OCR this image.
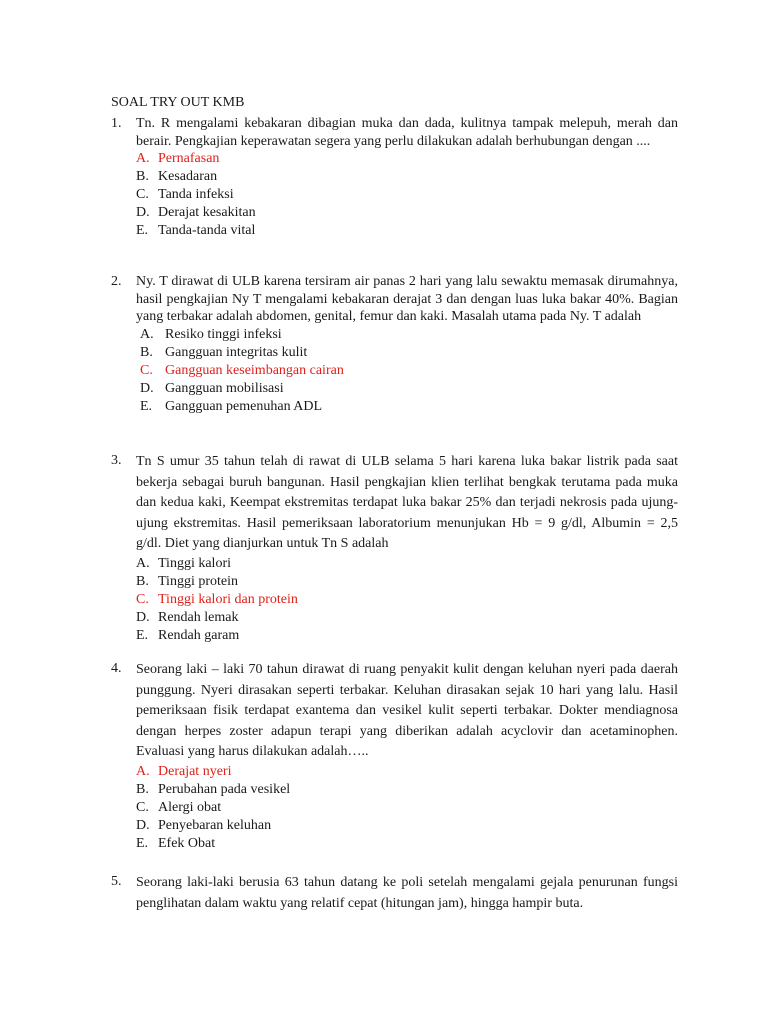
SOAL TRY OUT KMB
1. Tn. R mengalami kebakaran dibagian muka dan dada, kulitnya tampak melepuh, merah dan berair. Pengkajian keperawatan segera yang perlu dilakukan adalah berhubungan dengan ....
A. Pernafasan
B. Kesadaran
C. Tanda infeksi
D. Derajat kesakitan
E. Tanda-tanda vital
2. Ny. T dirawat di ULB karena tersiram air panas 2 hari yang lalu sewaktu memasak dirumahnya, hasil pengkajian Ny T mengalami kebakaran derajat 3 dan dengan luas luka bakar 40%. Bagian yang terbakar adalah abdomen, genital, femur dan kaki. Masalah utama pada Ny. T adalah
A. Resiko tinggi infeksi
B. Gangguan integritas kulit
C. Gangguan keseimbangan cairan
D. Gangguan mobilisasi
E. Gangguan pemenuhan ADL
3. Tn S umur 35 tahun telah di rawat di ULB selama 5 hari karena luka bakar listrik pada saat bekerja sebagai buruh bangunan. Hasil pengkajian klien terlihat bengkak terutama pada muka dan kedua kaki, Keempat ekstremitas terdapat luka bakar 25% dan terjadi nekrosis pada ujung-ujung ekstremitas. Hasil pemeriksaan laboratorium menunjukan Hb = 9 g/dl, Albumin = 2,5 g/dl. Diet yang dianjurkan untuk Tn S adalah
A. Tinggi kalori
B. Tinggi protein
C. Tinggi kalori dan protein
D. Rendah lemak
E. Rendah garam
4. Seorang laki – laki 70 tahun dirawat di ruang penyakit kulit dengan keluhan nyeri pada daerah punggung. Nyeri dirasakan seperti terbakar. Keluhan dirasakan sejak 10 hari yang lalu. Hasil pemeriksaan fisik terdapat exantema dan vesikel kulit seperti terbakar. Dokter mendiagnosa dengan herpes zoster adapun terapi yang diberikan adalah acyclovir dan acetaminophen. Evaluasi yang harus dilakukan adalah…..
A. Derajat nyeri
B. Perubahan pada vesikel
C. Alergi obat
D. Penyebaran keluhan
E. Efek Obat
5. Seorang laki-laki berusia 63 tahun datang ke poli setelah mengalami gejala penurunan fungsi penglihatan dalam waktu yang relatif cepat (hitungan jam), hingga hampir buta.
